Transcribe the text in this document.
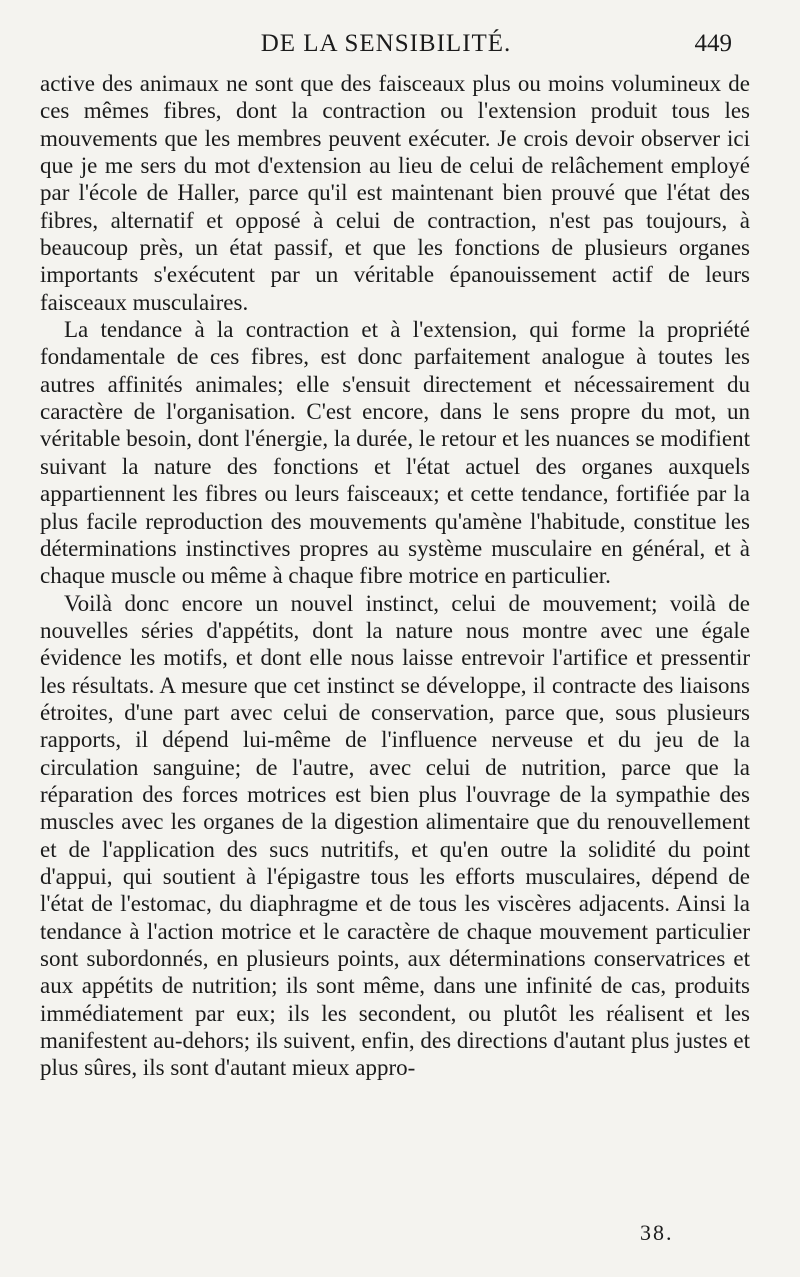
DE LA SENSIBILITÉ.	449

active des animaux ne sont que des faisceaux plus ou moins volumineux de ces mêmes fibres, dont la contraction ou l'extension produit tous les mouvements que les membres peuvent exécuter. Je crois devoir observer ici que je me sers du mot d'extension au lieu de celui de relâchement employé par l'école de Haller, parce qu'il est maintenant bien prouvé que l'état des fibres, alternatif et opposé à celui de contraction, n'est pas toujours, à beaucoup près, un état passif, et que les fonctions de plusieurs organes importants s'exécutent par un véritable épanouissement actif de leurs faisceaux musculaires.

La tendance à la contraction et à l'extension, qui forme la propriété fondamentale de ces fibres, est donc parfaitement analogue à toutes les autres affinités animales; elle s'ensuit directement et nécessairement du caractère de l'organisation. C'est encore, dans le sens propre du mot, un véritable besoin, dont l'énergie, la durée, le retour et les nuances se modifient suivant la nature des fonctions et l'état actuel des organes auxquels appartiennent les fibres ou leurs faisceaux; et cette tendance, fortifiée par la plus facile reproduction des mouvements qu'amène l'habitude, constitue les déterminations instinctives propres au système musculaire en général, et à chaque muscle ou même à chaque fibre motrice en particulier.

Voilà donc encore un nouvel instinct, celui de mouvement; voilà de nouvelles séries d'appétits, dont la nature nous montre avec une égale évidence les motifs, et dont elle nous laisse entrevoir l'artifice et pressentir les résultats. A mesure que cet instinct se développe, il contracte des liaisons étroites, d'une part avec celui de conservation, parce que, sous plusieurs rapports, il dépend lui-même de l'influence nerveuse et du jeu de la circulation sanguine; de l'autre, avec celui de nutrition, parce que la réparation des forces motrices est bien plus l'ouvrage de la sympathie des muscles avec les organes de la digestion alimentaire que du renouvellement et de l'application des sucs nutritifs, et qu'en outre la solidité du point d'appui, qui soutient à l'épigastre tous les efforts musculaires, dépend de l'état de l'estomac, du diaphragme et de tous les viscères adjacents. Ainsi la tendance à l'action motrice et le caractère de chaque mouvement particulier sont subordonnés, en plusieurs points, aux déterminations conservatrices et aux appétits de nutrition; ils sont même, dans une infinité de cas, produits immédiatement par eux; ils les secondent, ou plutôt les réalisent et les manifestent au-dehors; ils suivent, enfin, des directions d'autant plus justes et plus sûres, ils sont d'autant mieux appro-

38.
